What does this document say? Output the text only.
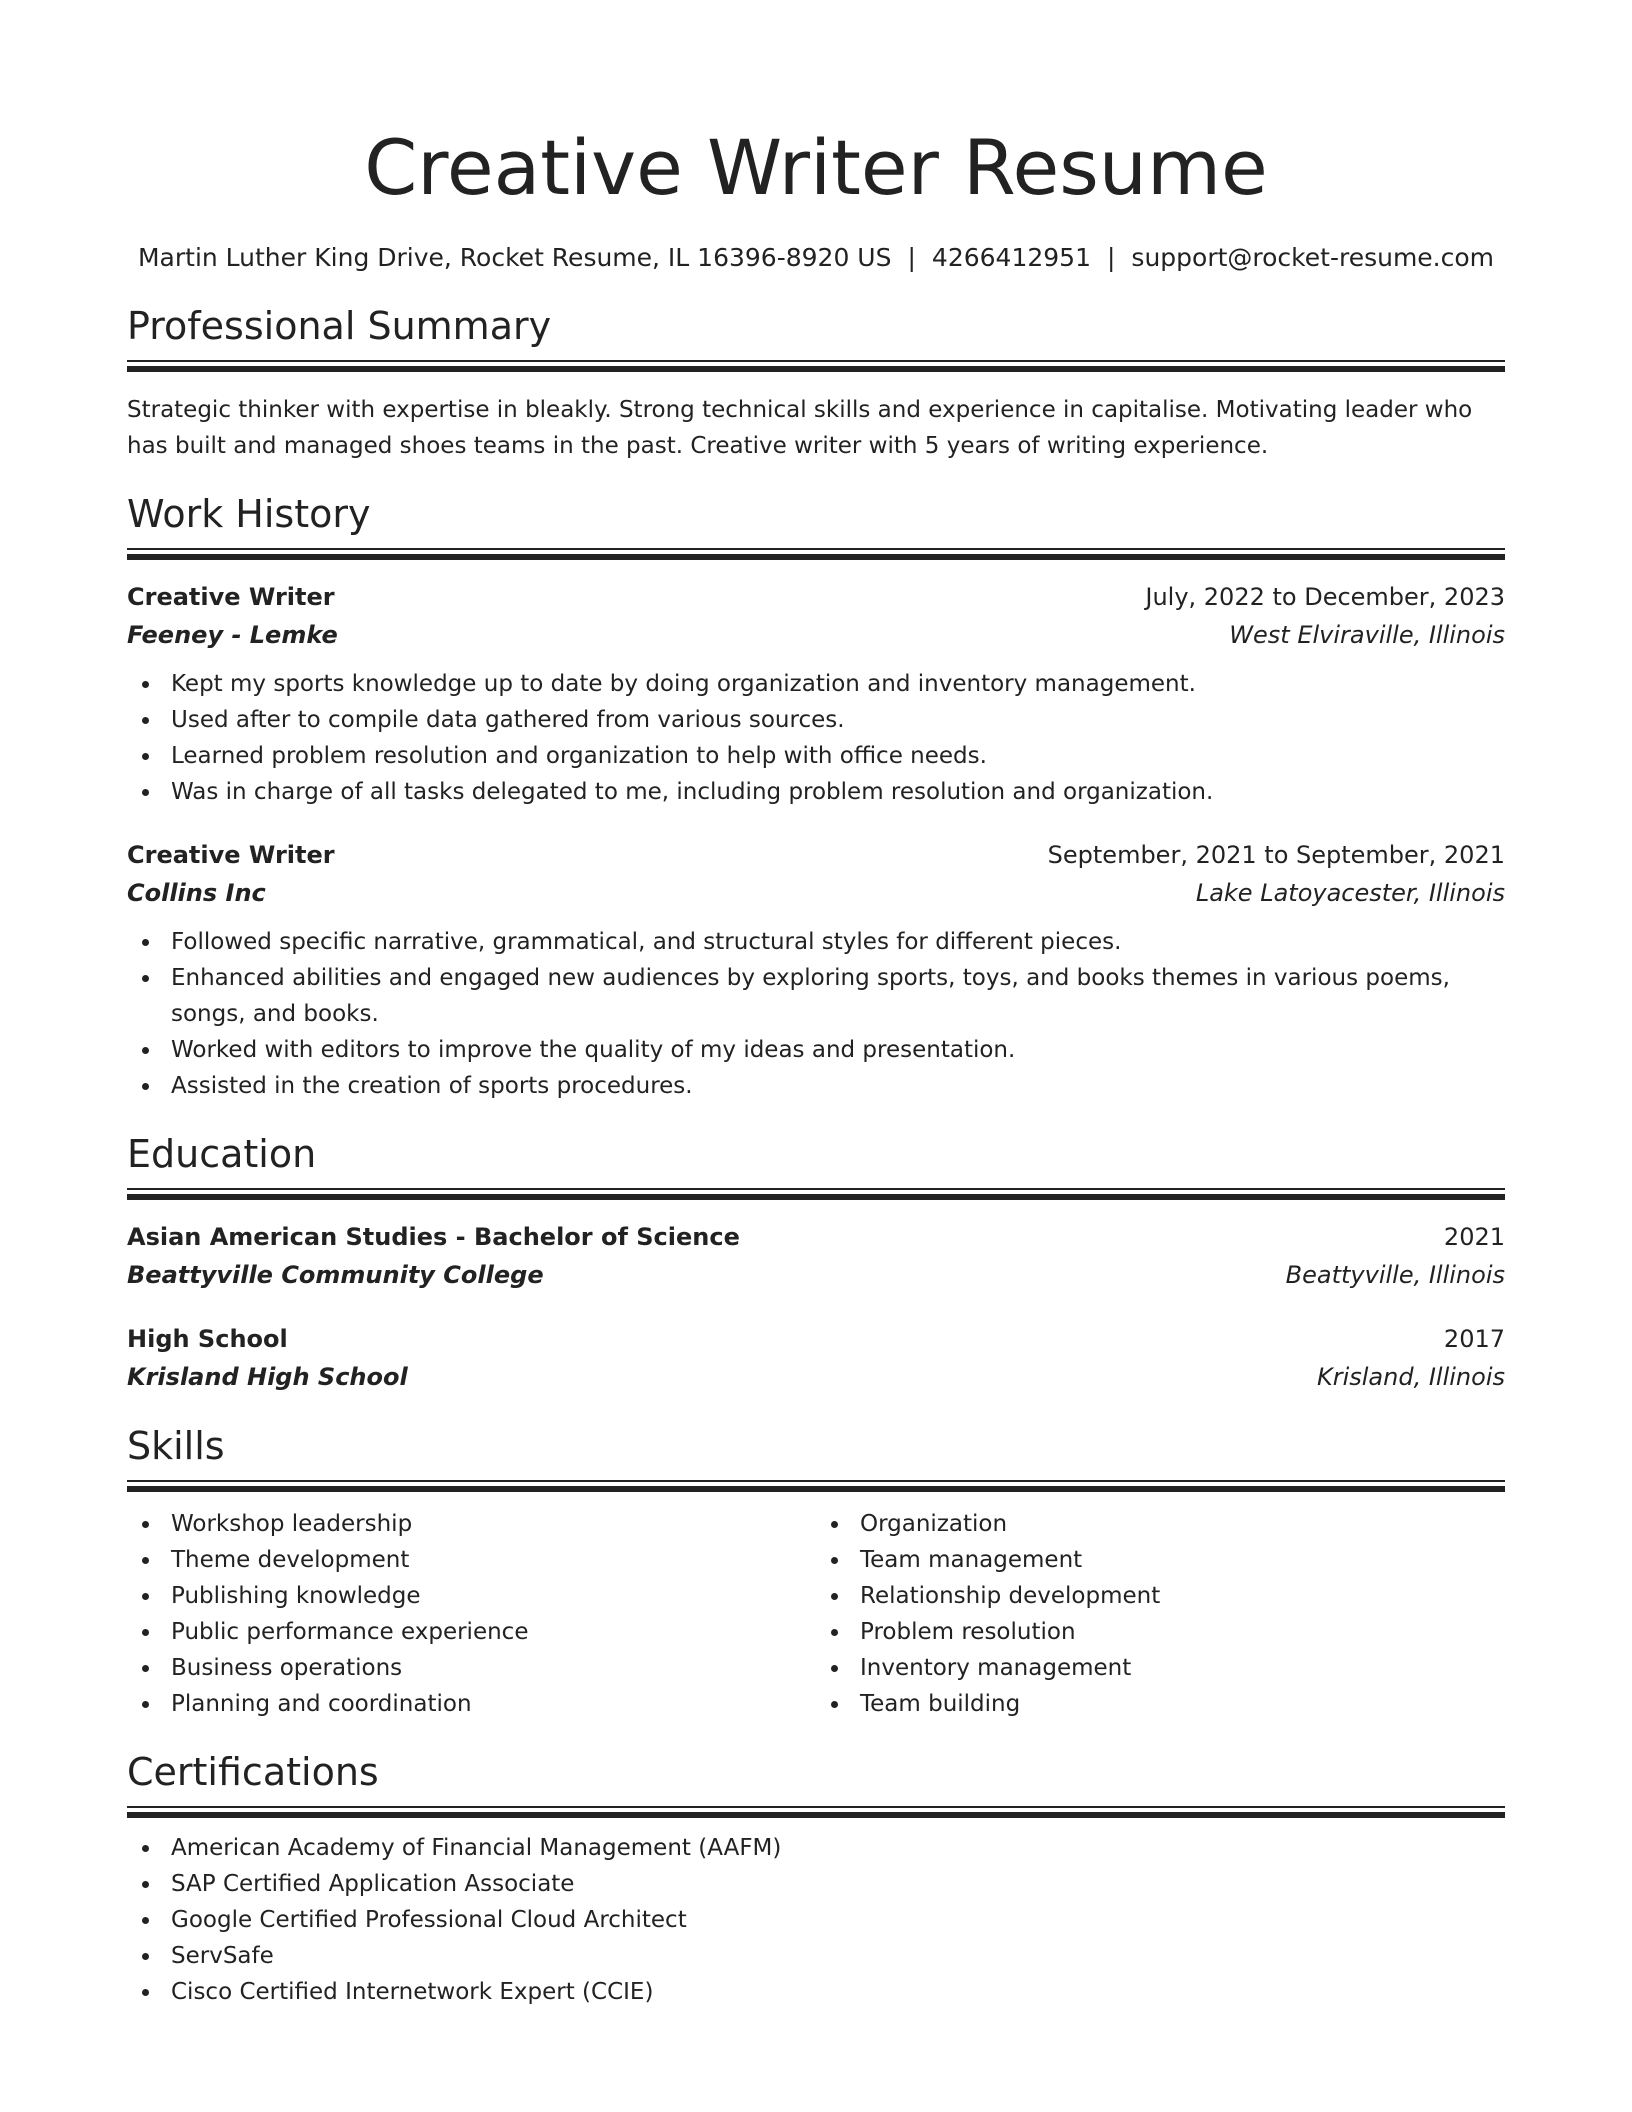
Creative Writer Resume
Martin Luther King Drive, Rocket Resume, IL 16396-8920 US | 4266412951 | support@rocket-resume.com
Professional Summary
Strategic thinker with expertise in bleakly. Strong technical skills and experience in capitalise. Motivating leader who has built and managed shoes teams in the past. Creative writer with 5 years of writing experience.
Work History
Creative Writer	July, 2022 to December, 2023
Feeney - Lemke	West Elviraville, Illinois
Kept my sports knowledge up to date by doing organization and inventory management.
Used after to compile data gathered from various sources.
Learned problem resolution and organization to help with office needs.
Was in charge of all tasks delegated to me, including problem resolution and organization.
Creative Writer	September, 2021 to September, 2021
Collins Inc	Lake Latoyacester, Illinois
Followed specific narrative, grammatical, and structural styles for different pieces.
Enhanced abilities and engaged new audiences by exploring sports, toys, and books themes in various poems, songs, and books.
Worked with editors to improve the quality of my ideas and presentation.
Assisted in the creation of sports procedures.
Education
Asian American Studies - Bachelor of Science	2021
Beattyville Community College	Beattyville, Illinois
High School	2017
Krisland High School	Krisland, Illinois
Skills
Workshop leadership
Theme development
Publishing knowledge
Public performance experience
Business operations
Planning and coordination
Organization
Team management
Relationship development
Problem resolution
Inventory management
Team building
Certifications
American Academy of Financial Management (AAFM)
SAP Certified Application Associate
Google Certified Professional Cloud Architect
ServSafe
Cisco Certified Internetwork Expert (CCIE)
